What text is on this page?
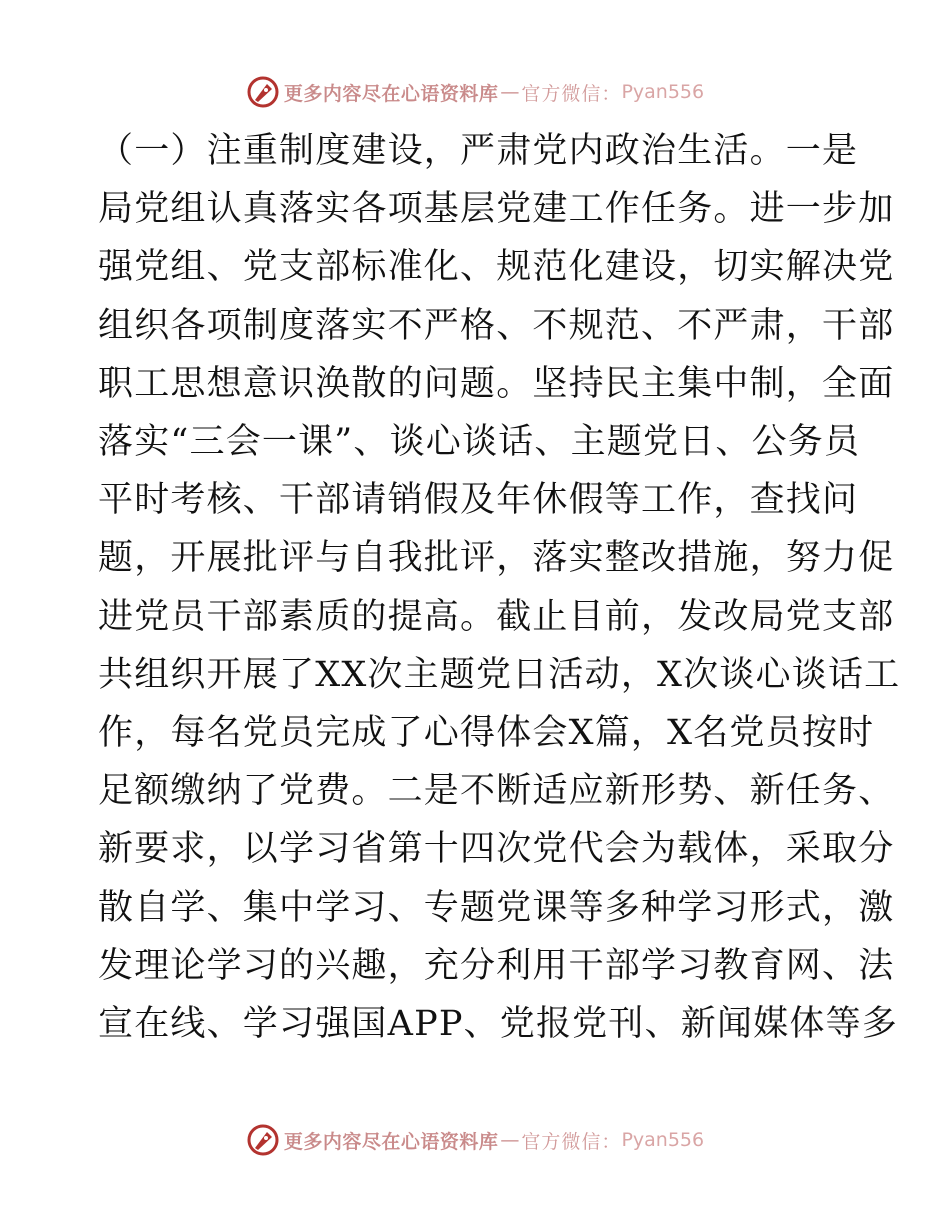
更多内容尽在心语资料库 — 官方微信： Pyan556
（一）注重制度建设，严肃党内政治生活。一是
局党组认真落实各项基层党建工作任务。进一步加
强党组、党支部标准化、规范化建设，切实解决党
组织各项制度落实不严格、不规范、不严肃，干部
职工思想意识涣散的问题。坚持民主集中制，全面
落实“三会一课”、谈心谈话、主题党日、公务员
平时考核、干部请销假及年休假等工作，查找问
题，开展批评与自我批评，落实整改措施，努力促
进党员干部素质的提高。截止目前，发改局党支部
共组织开展了XX次主题党日活动，X次谈心谈话工
作，每名党员完成了心得体会X篇，X名党员按时
足额缴纳了党费。二是不断适应新形势、新任务、
新要求，以学习省第十四次党代会为载体，采取分
散自学、集中学习、专题党课等多种学习形式，激
发理论学习的兴趣，充分利用干部学习教育网、法
宣在线、学习强国APP、党报党刊、新闻媒体等多
更多内容尽在心语资料库 — 官方微信： Pyan556
